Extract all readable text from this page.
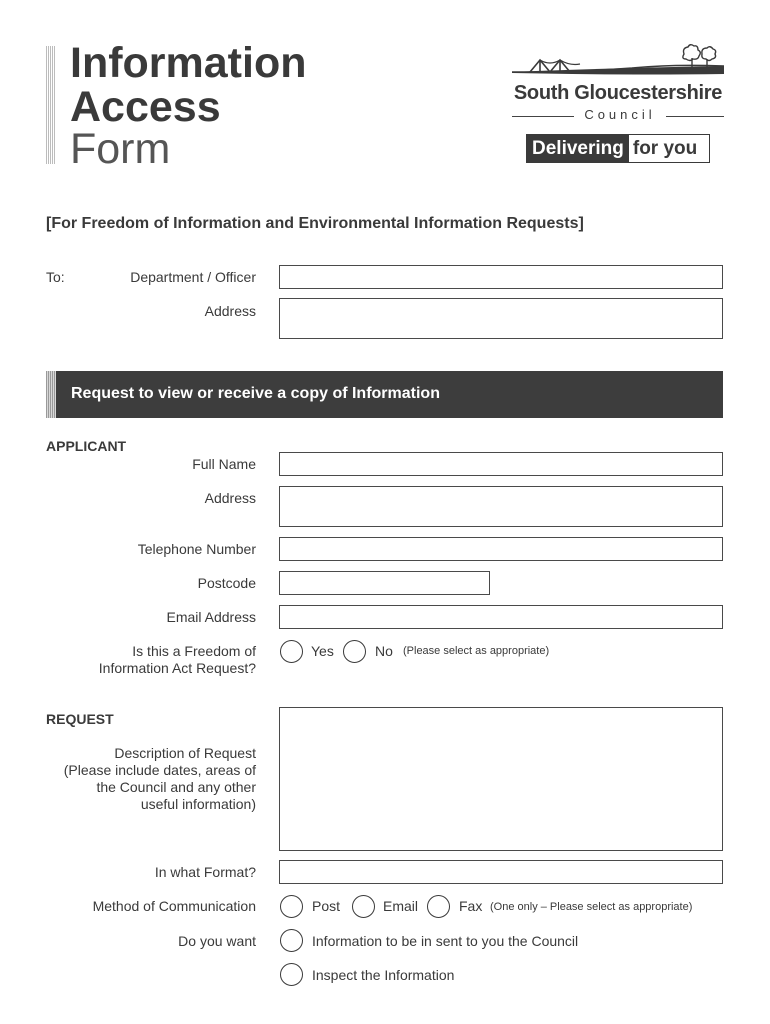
Information
Access
Form
South Gloucestershire
Council
Delivering for you
[For Freedom of Information and Environmental Information Requests]
To:	Department / Officer
Address
Request to view or receive a copy of Information
APPLICANT
Full Name
Address
Telephone Number
Postcode
Email Address
Is this a Freedom of
Information Act Request?
Yes	No (Please select as appropriate)
REQUEST
Description of Request
(Please include dates, areas of
the Council and any other
useful information)
In what Format?
Method of Communication	Post	Email	Fax (One only – Please select as appropriate)
Do you want	Information to be in sent to you the Council
Inspect the Information
